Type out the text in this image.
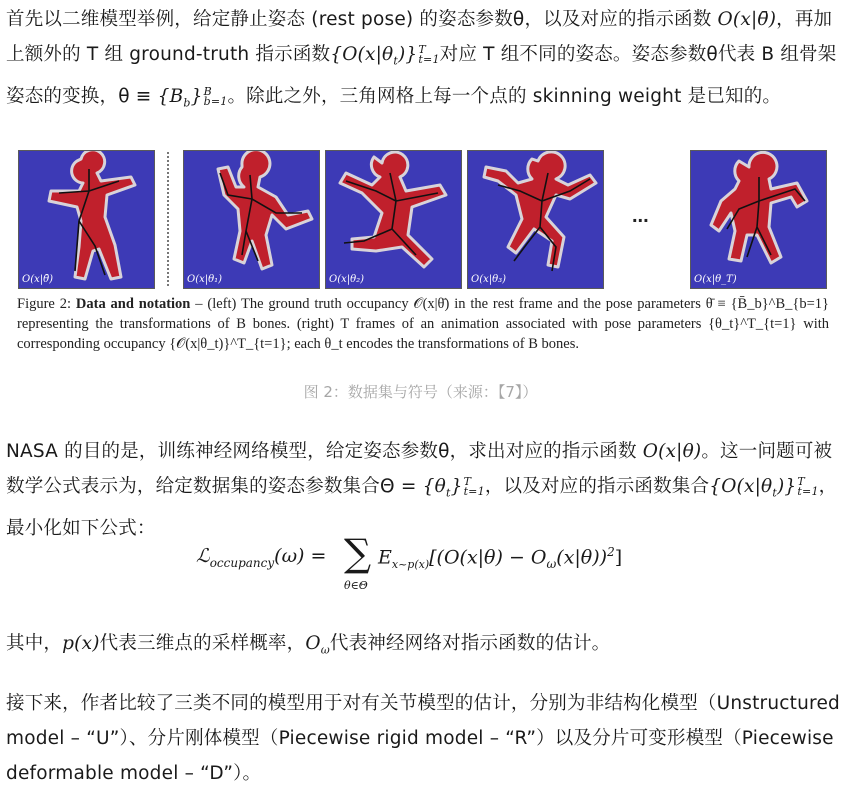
首先以二维模型举例，给定静止姿态 (rest pose) 的姿态参数θ，以及对应的指示函数 O(x|θ̄)，再加上额外的 T 组 ground-truth 指示函数$\{O(x|\theta_t)\}$ T
t=1 对应 T 组不同的姿态。姿态参数θ代表 B 组骨架姿态的变换，$\theta \equiv \{B_b\}$ B
b=1 。除此之外，三角网格上每一个点的 skinning weight 是已知的。
O(x|θ̄)	O(x|θ₁)	O(x|θ₂)	O(x|θ₃)
...
O(x|θ_T)
Figure 2: Data and notation – (left) The ground truth occupancy 𝒪(x|θ̄) in the rest frame and the pose parameters θ̄ ≡ {B̄_b}^B_{b=1} representing the transformations of B bones. (right) T frames of an animation associated with pose parameters {θ_t}^T_{t=1} with corresponding occupancy {𝒪(x|θ_t)}^T_{t=1}; each θ_t encodes the transformations of B bones.
图 2：数据集与符号（来源：【7】）
NASA 的目的是，训练神经网络模型，给定姿态参数θ，求出对应的指示函数 O(x|θ)。这一问题可被数学公式表示为，给定数据集的姿态参数集合$\Theta = \{\theta_t\}$ T
t=1 ，以及对应的指示函数集合$\{O(x|\theta_t)\}$ T
t=1 ，最小化如下公式：
ℒ$_{occupancy}$(ω) = ∑
θ∈Θ
$E_{x\sim p(x)}[(O(x|\theta) - O_\omega(x|\theta))^2]$
其中，p(x)代表三维点的采样概率，$O_\omega$代表神经网络对指示函数的估计。
接下来，作者比较了三类不同的模型用于对有关节模型的估计，分别为非结构化模型（Unstructured model – “U”）、分片刚体模型（Piecewise rigid model – “R”）以及分片可变形模型（Piecewise deformable model – “D”）。
